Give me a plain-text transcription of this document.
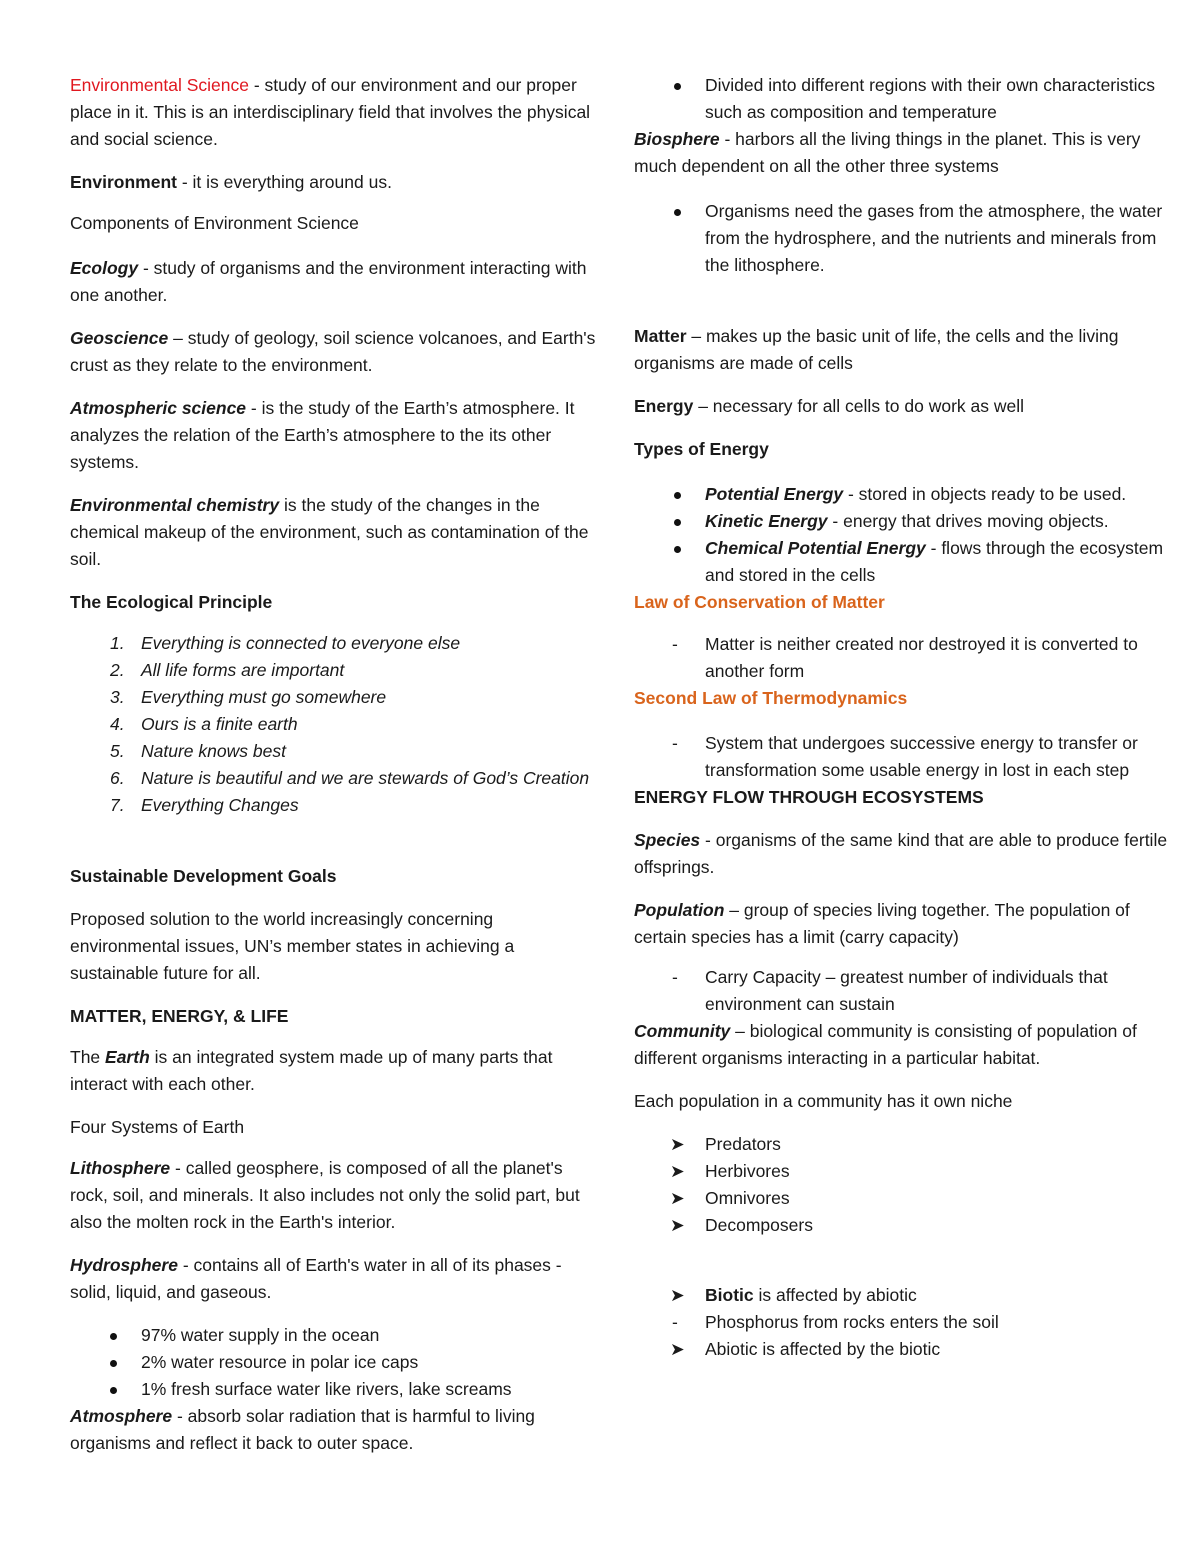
Environmental Science - study of our environment and our proper place in it. This is an interdisciplinary field that involves the physical and social science.

Environment - it is everything around us.

Components of Environment Science

Ecology - study of organisms and the environment interacting with one another.

Geoscience – study of geology, soil science volcanoes, and Earth's crust as they relate to the environment.

Atmospheric science - is the study of the Earth’s atmosphere. It analyzes the relation of the Earth’s atmosphere to the its other systems.

Environmental chemistry is the study of the changes in the chemical makeup of the environment, such as contamination of the soil.

The Ecological Principle

1. Everything is connected to everyone else
2. All life forms are important
3. Everything must go somewhere
4. Ours is a finite earth
5. Nature knows best
6. Nature is beautiful and we are stewards of God’s Creation
7. Everything Changes

Sustainable Development Goals

Proposed solution to the world increasingly concerning environmental issues, UN’s member states in achieving a sustainable future for all.

MATTER, ENERGY, & LIFE

The Earth is an integrated system made up of many parts that interact with each other.

Four Systems of Earth

Lithosphere - called geosphere, is composed of all the planet's rock, soil, and minerals. It also includes not only the solid part, but also the molten rock in the Earth's interior.

Hydrosphere - contains all of Earth's water in all of its phases - solid, liquid, and gaseous.

97% water supply in the ocean
2% water resource in polar ice caps
1% fresh surface water like rivers, lake screams

Atmosphere - absorb solar radiation that is harmful to living organisms and reflect it back to outer space.

Divided into different regions with their own characteristics such as composition and temperature

Biosphere - harbors all the living things in the planet. This is very much dependent on all the other three systems

Organisms need the gases from the atmosphere, the water from the hydrosphere, and the nutrients and minerals from the lithosphere.

Matter – makes up the basic unit of life, the cells and the living organisms are made of cells

Energy – necessary for all cells to do work as well

Types of Energy

Potential Energy - stored in objects ready to be used.
Kinetic Energy - energy that drives moving objects.
Chemical Potential Energy - flows through the ecosystem and stored in the cells

Law of Conservation of Matter

- Matter is neither created nor destroyed it is converted to another form

Second Law of Thermodynamics

- System that undergoes successive energy to transfer or transformation some usable energy in lost in each step

ENERGY FLOW THROUGH ECOSYSTEMS

Species - organisms of the same kind that are able to produce fertile offsprings.

Population – group of species living together. The population of certain species has a limit (carry capacity)

- Carry Capacity – greatest number of individuals that environment can sustain

Community – biological community is consisting of population of different organisms interacting in a particular habitat.

Each population in a community has it own niche

➤ Predators
➤ Herbivores
➤ Omnivores
➤ Decomposers
➤ Biotic is affected by abiotic
- Phosphorus from rocks enters the soil
➤ Abiotic is affected by the biotic
